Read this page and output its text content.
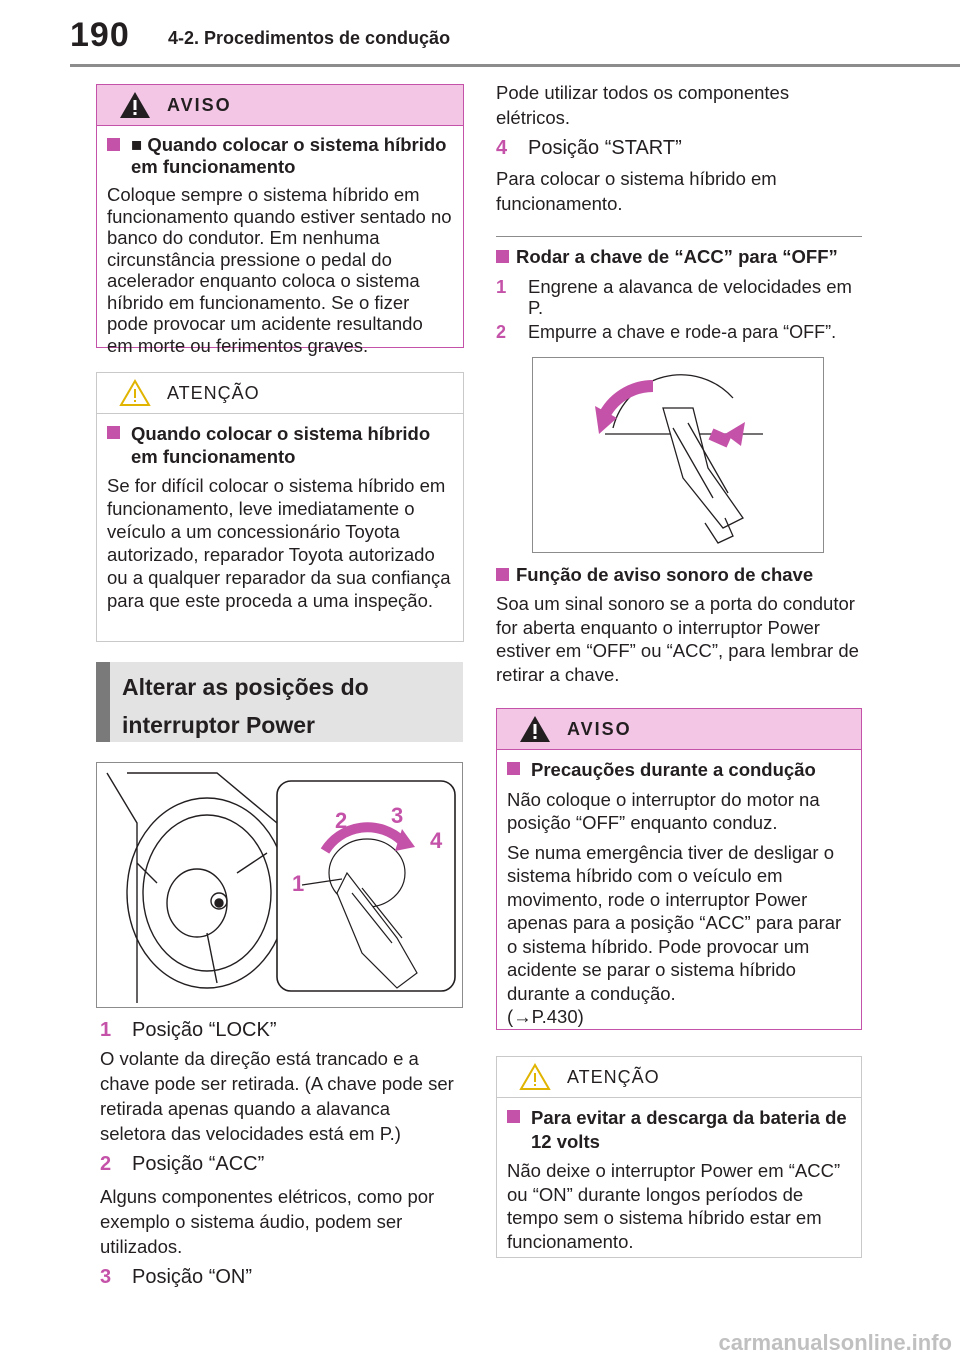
190 4-2. Procedimentos de condução
AVISO
■ Quando colocar o sistema híbrido em funcionamento

Coloque sempre o sistema híbrido em funcionamento quando estiver sentado no banco do condutor. Em nenhuma circunstância pressione o pedal do acelerador enquanto coloca o sistema híbrido em funcionamento. Se o fizer pode provocar um acidente resultando em morte ou ferimentos graves.

ATENÇÃO
Quando colocar o sistema híbrido em funcionamento

Se for difícil colocar o sistema híbrido em funcionamento, leve imediatamente o veículo a um concessionário Toyota autorizado, reparador Toyota autorizado ou a qualquer reparador da sua confiança para que este proceda a uma inspeção.

Alterar as posições do interruptor Power
1
2 3
4
1 Posição “LOCK”
O volante da direção está trancado e a chave pode ser retirada. (A chave pode ser retirada apenas quando a alavanca seletora das velocidades está em P.)
2 Posição “ACC”
Alguns componentes elétricos, como por exemplo o sistema áudio, podem ser utilizados.
3 Posição “ON”
Pode utilizar todos os componentes elétricos.
4 Posição “START”
Para colocar o sistema híbrido em funcionamento.
Rodar a chave de “ACC” para “OFF”
1	Engrene a alavanca de velocidades em P.
2 Empurre a chave e rode-a para “OFF”.
Função de aviso sonoro de chave
Soa um sinal sonoro se a porta do condutor for aberta enquanto o interruptor Power estiver em “OFF” ou “ACC”, para lembrar de retirar a chave.
AVISO
Precauções durante a condução

Não coloque o interruptor do motor na posição “OFF” enquanto conduz.

Se numa emergência tiver de desligar o sistema híbrido com o veículo em movimento, rode o interruptor Power apenas para a posição “ACC” para parar o sistema híbrido. Pode provocar um acidente se parar o sistema híbrido durante a condução.

(→P.430)

ATENÇÃO
Para evitar a descarga da bateria de 12 volts

Não deixe o interruptor Power em “ACC” ou “ON” durante longos períodos de tempo sem o sistema híbrido estar em funcionamento.

carmanualsonline.info
